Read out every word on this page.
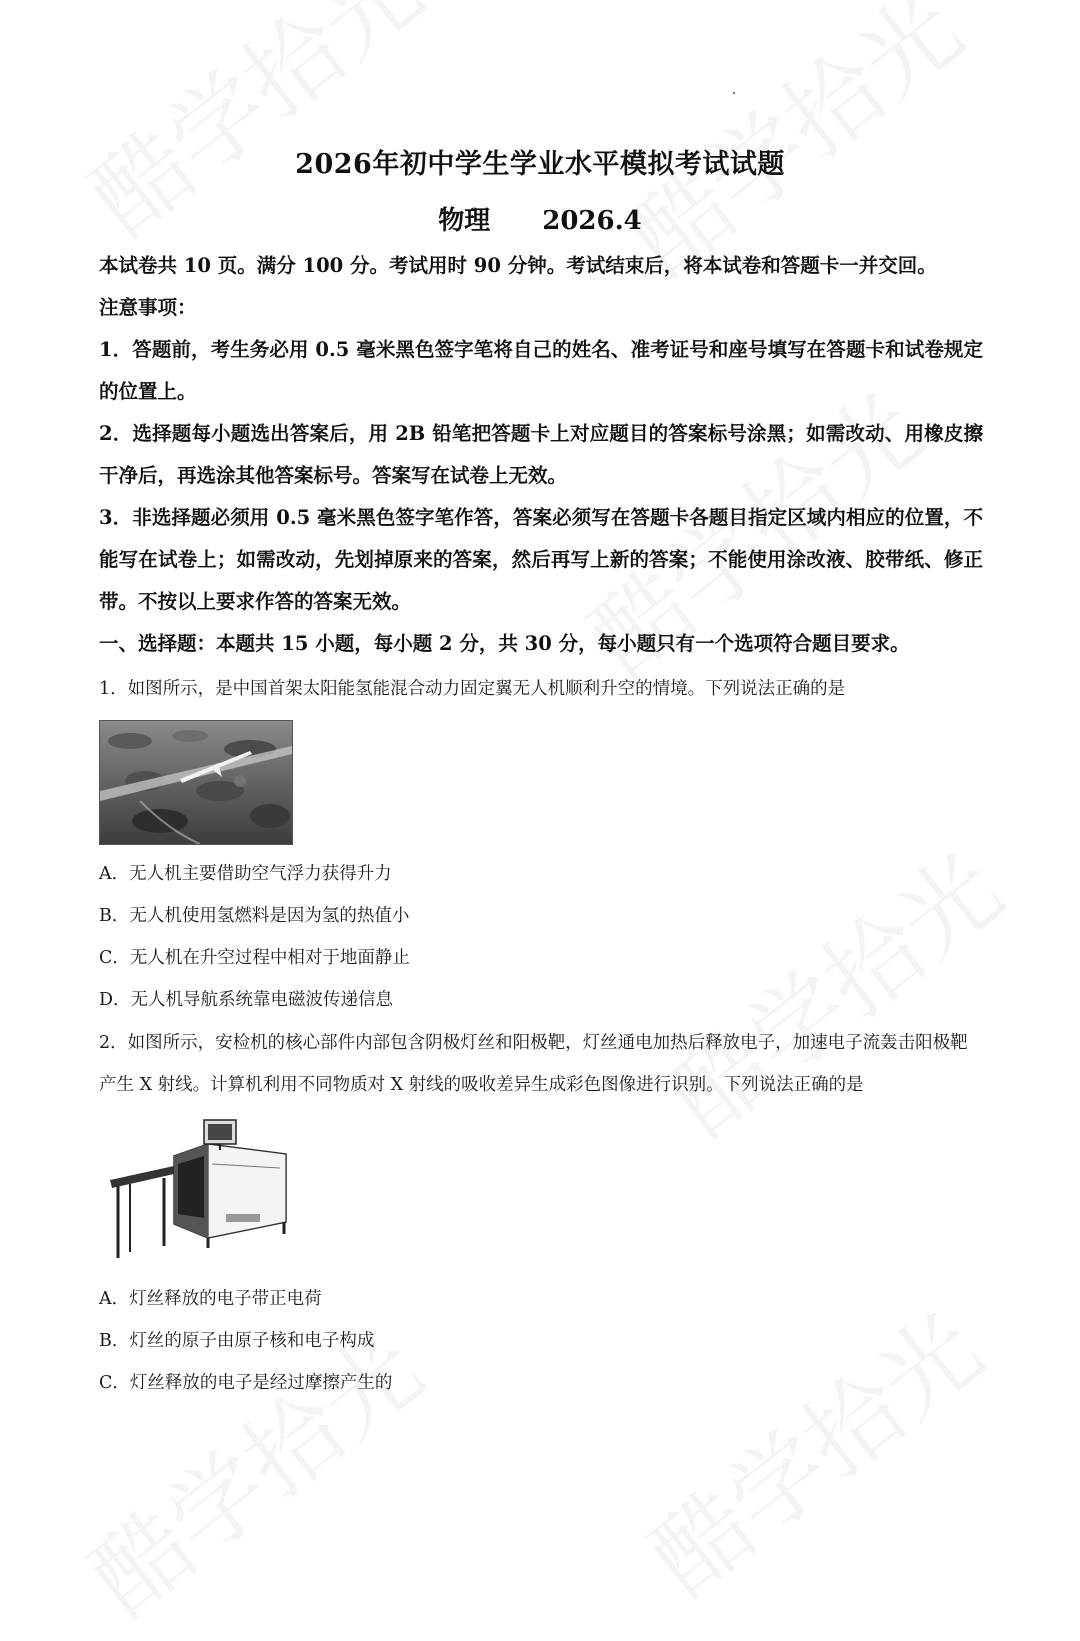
2026年初中学生学业水平模拟考试试题
物理 2026.4
本试卷共 10 页。满分 100 分。考试用时 90 分钟。考试结束后，将本试卷和答题卡一并交回。
注意事项：
1．答题前，考生务必用 0.5 毫米黑色签字笔将自己的姓名、准考证号和座号填写在答题卡和试卷规定的位置上。
2．选择题每小题选出答案后，用 2B 铅笔把答题卡上对应题目的答案标号涂黑；如需改动、用橡皮擦干净后，再选涂其他答案标号。答案写在试卷上无效。
3．非选择题必须用 0.5 毫米黑色签字笔作答，答案必须写在答题卡各题目指定区域内相应的位置，不能写在试卷上；如需改动，先划掉原来的答案，然后再写上新的答案；不能使用涂改液、胶带纸、修正带。不按以上要求作答的答案无效。
一、选择题：本题共 15 小题，每小题 2 分，共 30 分，每小题只有一个选项符合题目要求。
1．如图所示，是中国首架太阳能氢能混合动力固定翼无人机顺利升空的情境。下列说法正确的是
A．无人机主要借助空气浮力获得升力
B．无人机使用氢燃料是因为氢的热值小
C．无人机在升空过程中相对于地面静止
D．无人机导航系统靠电磁波传递信息
2．如图所示，安检机的核心部件内部包含阴极灯丝和阳极靶，灯丝通电加热后释放电子，加速电子流轰击阳极靶产生 X 射线。计算机利用不同物质对 X 射线的吸收差异生成彩色图像进行识别。下列说法正确的是
A．灯丝释放的电子带正电荷
B．灯丝的原子由原子核和电子构成
C．灯丝释放的电子是经过摩擦产生的
